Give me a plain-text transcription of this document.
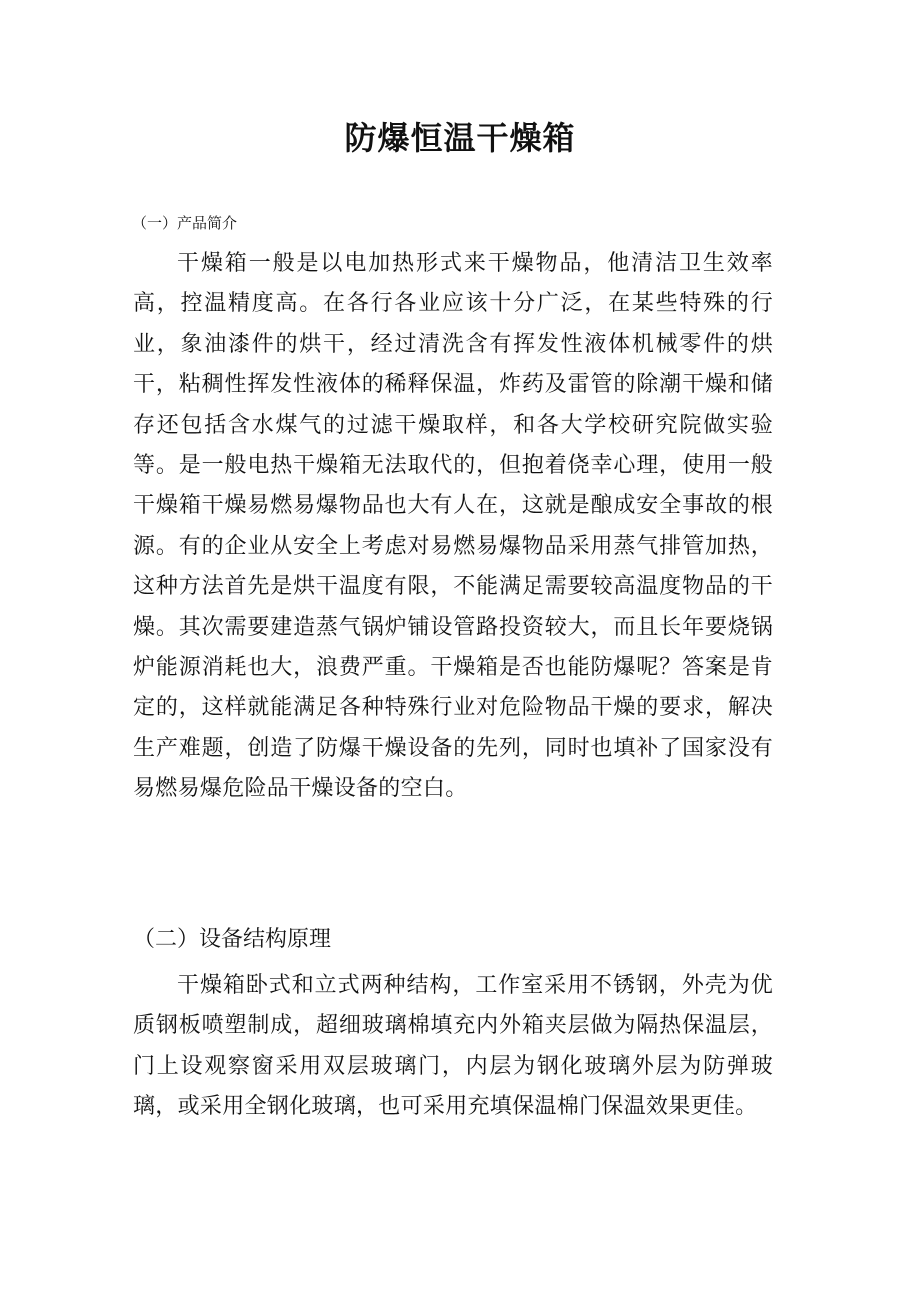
防爆恒温干燥箱

（一）产品简介

干燥箱一般是以电加热形式来干燥物品，他清洁卫生效率高，控温精度高。在各行各业应该十分广泛，在某些特殊的行业，象油漆件的烘干，经过清洗含有挥发性液体机械零件的烘干，粘稠性挥发性液体的稀释保温，炸药及雷管的除潮干燥和储存还包括含水煤气的过滤干燥取样，和各大学校研究院做实验等。是一般电热干燥箱无法取代的，但抱着侥幸心理，使用一般干燥箱干燥易燃易爆物品也大有人在，这就是酿成安全事故的根源。有的企业从安全上考虑对易燃易爆物品采用蒸气排管加热，这种方法首先是烘干温度有限，不能满足需要较高温度物品的干燥。其次需要建造蒸气锅炉铺设管路投资较大，而且长年要烧锅炉能源消耗也大，浪费严重。干燥箱是否也能防爆呢？答案是肯定的，这样就能满足各种特殊行业对危险物品干燥的要求，解决生产难题，创造了防爆干燥设备的先列，同时也填补了国家没有易燃易爆危险品干燥设备的空白。

（二）设备结构原理

干燥箱卧式和立式两种结构，工作室采用不锈钢，外壳为优质钢板喷塑制成，超细玻璃棉填充内外箱夹层做为隔热保温层，门上设观察窗采用双层玻璃门，内层为钢化玻璃外层为防弹玻璃，或采用全钢化玻璃，也可采用充填保温棉门保温效果更佳。
